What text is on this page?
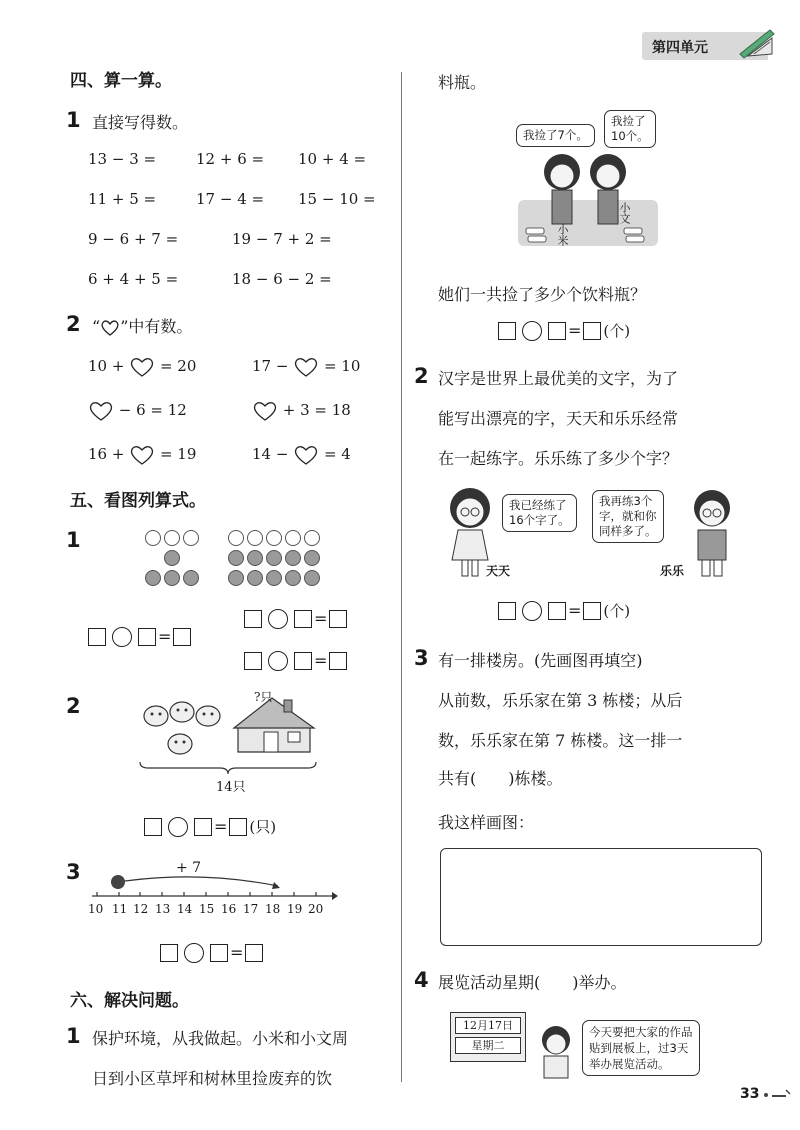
第四单元
四、算一算。
1 直接写得数。
13 − 3 =	12 + 6 = 10 + 4 =
11 + 5 =	17 − 4 = 15 − 10 =
9 − 6 + 7 =	19 − 7 + 2 =
6 + 4 + 5 =	18 − 6 − 2 =
2 “ ”中有数。
10 +  = 20	17 −  = 10
− 6 = 12	+ 3 = 18
16 +  = 19	14 −  = 4
五、看图列算式。
1
=
=
=
2	?只
14只
= (只)
3	+ 7
10 11 12 13 14 15 16 17 18 19 20
=
六、解决问题。
1 保护环境，从我做起。小米和小文周
日到小区草坪和树林里捡废弃的饮
料瓶。
我捡了7个。
我捡了
10个。
小米
小文
她们一共捡了多少个饮料瓶？
= (个)
2 汉字是世界上最优美的文字，为了
能写出漂亮的字，天天和乐乐经常
在一起练字。乐乐练了多少个字？
我已经练了
16个字了。
我再练3个
字，就和你
同样多了。
天天	乐乐
= (个)
3 有一排楼房。(先画图再填空)
从前数，乐乐家在第 3 栋楼；从后
数，乐乐家在第 7 栋楼。这一排一
共有(　　)栋楼。
我这样画图：
4 展览活动星期(　　)举办。
12月17日
星期二
今天要把大家的作品
贴到展板上，过3天
举办展览活动。
33
